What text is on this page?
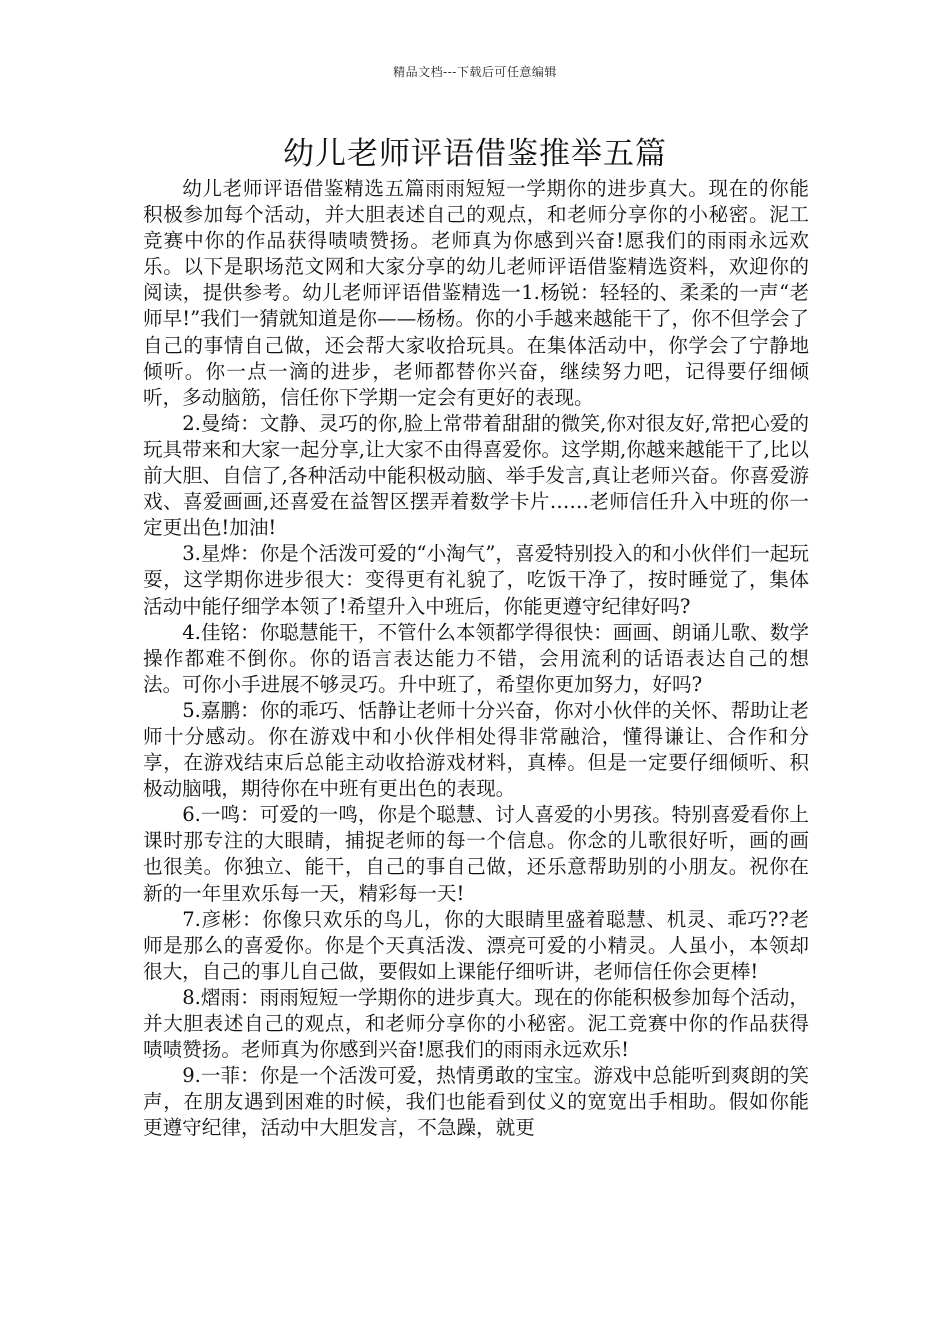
精品文档---下载后可任意编辑
幼儿老师评语借鉴推举五篇

幼儿老师评语借鉴精选五篇雨雨短短一学期你的进步真大。现在的你能积极参加每个活动，并大胆表述自己的观点，和老师分享你的小秘密。泥工竞赛中你的作品获得啧啧赞扬。老师真为你感到兴奋!愿我们的雨雨永远欢乐。以下是职场范文网和大家分享的幼儿老师评语借鉴精选资料，欢迎你的阅读，提供参考。幼儿老师评语借鉴精选一1.杨锐：轻轻的、柔柔的一声“老师早!”我们一猜就知道是你——杨杨。你的小手越来越能干了，你不但学会了自己的事情自己做，还会帮大家收拾玩具。在集体活动中，你学会了宁静地倾听。你一点一滴的进步，老师都替你兴奋，继续努力吧，记得要仔细倾听，多动脑筋，信任你下学期一定会有更好的表现。

2.曼绮：文静、灵巧的你,脸上常带着甜甜的微笑,你对很友好,常把心爱的玩具带来和大家一起分享,让大家不由得喜爱你。这学期,你越来越能干了,比以前大胆、自信了,各种活动中能积极动脑、举手发言,真让老师兴奋。你喜爱游戏、喜爱画画,还喜爱在益智区摆弄着数学卡片……老师信任升入中班的你一定更出色!加油!

3.星烨：你是个活泼可爱的“小淘气”，喜爱特别投入的和小伙伴们一起玩耍，这学期你进步很大：变得更有礼貌了，吃饭干净了，按时睡觉了，集体活动中能仔细学本领了!希望升入中班后，你能更遵守纪律好吗?

4.佳铭：你聪慧能干，不管什么本领都学得很快：画画、朗诵儿歌、数学操作都难不倒你。你的语言表达能力不错，会用流利的话语表达自己的想法。可你小手进展不够灵巧。升中班了，希望你更加努力，好吗?

5.嘉鹏：你的乖巧、恬静让老师十分兴奋，你对小伙伴的关怀、帮助让老师十分感动。你在游戏中和小伙伴相处得非常融洽，懂得谦让、合作和分享，在游戏结束后总能主动收拾游戏材料，真棒。但是一定要仔细倾听、积极动脑哦，期待你在中班有更出色的表现。

6.一鸣：可爱的一鸣，你是个聪慧、讨人喜爱的小男孩。特别喜爱看你上课时那专注的大眼睛，捕捉老师的每一个信息。你念的儿歌很好听，画的画也很美。你独立、能干，自己的事自己做，还乐意帮助别的小朋友。祝你在新的一年里欢乐每一天，精彩每一天!

7.彦彬：你像只欢乐的鸟儿，你的大眼睛里盛着聪慧、机灵、乖巧??老师是那么的喜爱你。你是个天真活泼、漂亮可爱的小精灵。人虽小，本领却很大，自己的事儿自己做，要假如上课能仔细听讲，老师信任你会更棒!

8.熠雨：雨雨短短一学期你的进步真大。现在的你能积极参加每个活动，并大胆表述自己的观点，和老师分享你的小秘密。泥工竞赛中你的作品获得啧啧赞扬。老师真为你感到兴奋!愿我们的雨雨永远欢乐!

9.一菲：你是一个活泼可爱，热情勇敢的宝宝。游戏中总能听到爽朗的笑声，在朋友遇到困难的时候，我们也能看到仗义的宽宽出手相助。假如你能更遵守纪律，活动中大胆发言，不急躁，就更
